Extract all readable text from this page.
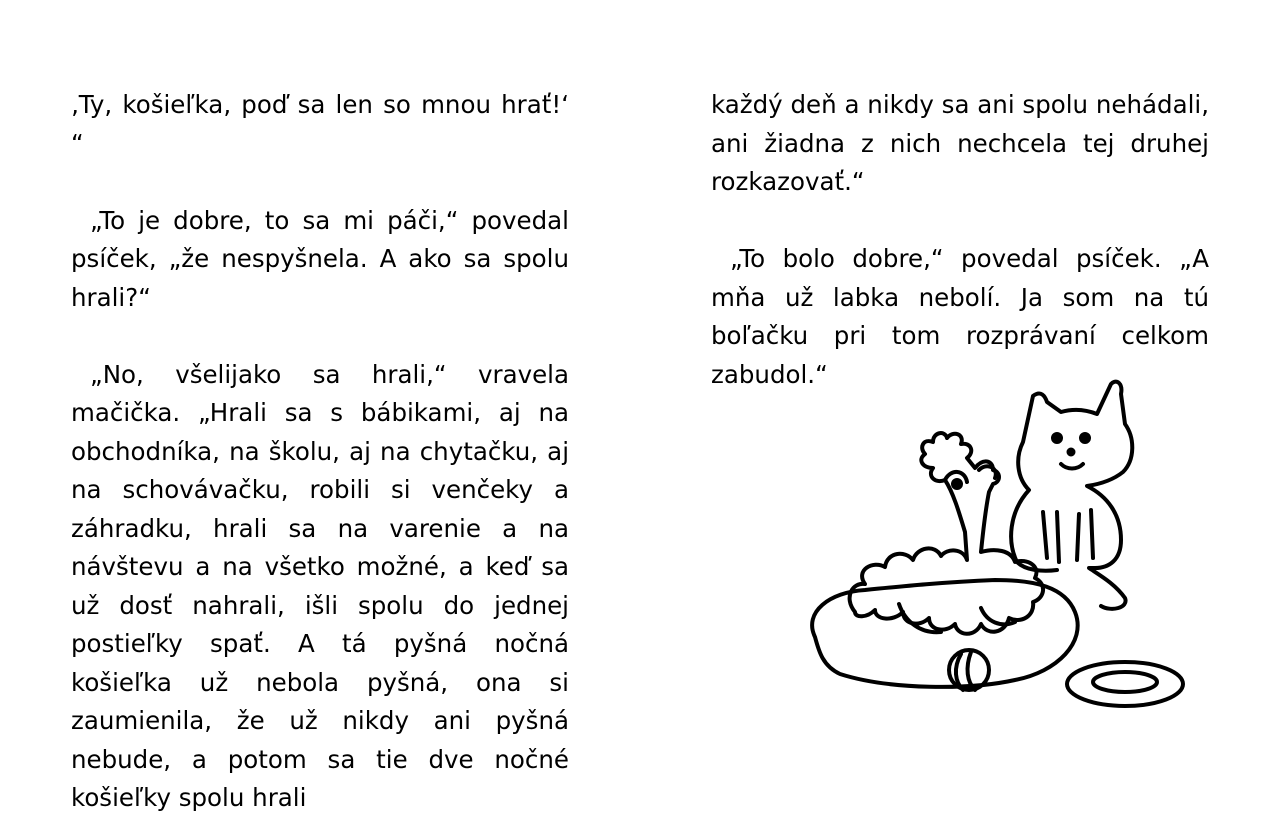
‚Ty, košieľka, poď sa len so mnou hrať!‘ “

„To je dobre, to sa mi páči,“ povedal psíček, „že nespyšnela. A ako sa spolu hrali?“

„No, všelijako sa hrali,“ vravela mačička. „Hrali sa s bábikami, aj na obchodníka, na školu, aj na chytačku, aj na schovávačku, robili si venčeky a záhradku, hrali sa na varenie a na návštevu a na všetko možné, a keď sa už dosť nahrali, išli spolu do jednej postieľky spať. A tá pyšná nočná košieľka už nebola pyšná, ona si zaumienila, že už nikdy ani pyšná nebude, a potom sa tie dve nočné košieľky spolu hrali

každý deň a nikdy sa ani spolu nehádali, ani žiadna z nich nechcela tej druhej rozkazovať.“

„To bolo dobre,“ povedal psíček. „A mňa už labka nebolí. Ja som na tú boľačku pri tom rozprávaní celkom zabudol.“
